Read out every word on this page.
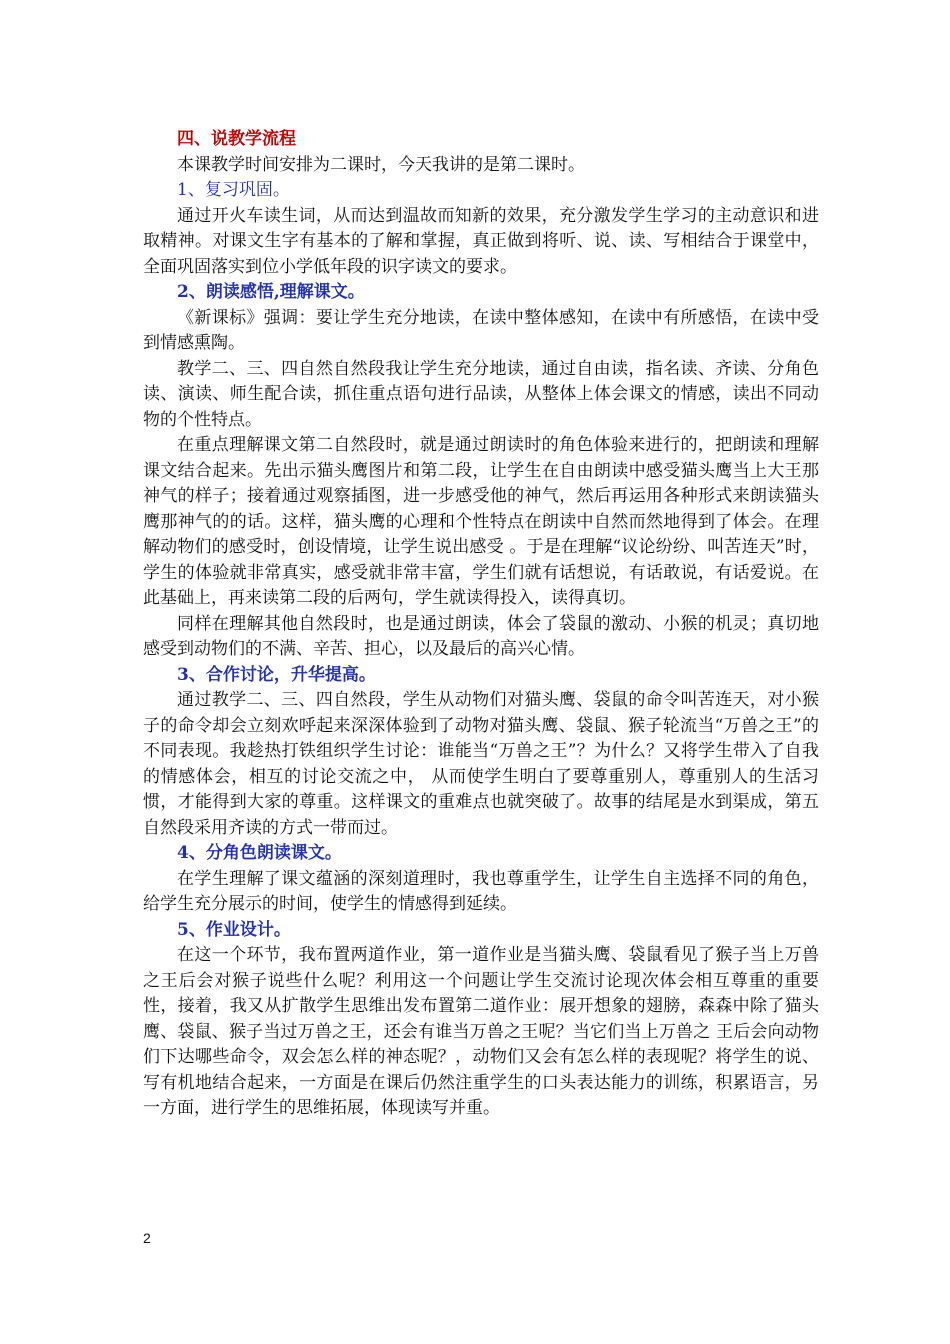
四、说教学流程

本课教学时间安排为二课时，今天我讲的是第二课时。

1、复习巩固。

通过开火车读生词，从而达到温故而知新的效果，充分激发学生学习的主动意识和进取精神。对课文生字有基本的了解和掌握，真正做到将听、说、读、写相结合于课堂中，全面巩固落实到位小学低年段的识字读文的要求。

2、朗读感悟,理解课文。

《新课标》强调：要让学生充分地读，在读中整体感知，在读中有所感悟，在读中受到情感熏陶。

教学二、三、四自然自然段我让学生充分地读，通过自由读，指名读、齐读、分角色读、演读、师生配合读，抓住重点语句进行品读，从整体上体会课文的情感，读出不同动物的个性特点。

在重点理解课文第二自然段时，就是通过朗读时的角色体验来进行的，把朗读和理解课文结合起来。先出示猫头鹰图片和第二段，让学生在自由朗读中感受猫头鹰当上大王那神气的样子；接着通过观察插图，进一步感受他的神气，然后再运用各种形式来朗读猫头鹰那神气的的话。这样，猫头鹰的心理和个性特点在朗读中自然而然地得到了体会。在理解动物们的感受时，创设情境，让学生说出感受 。于是在理解“议论纷纷、叫苦连天”时，学生的体验就非常真实，感受就非常丰富，学生们就有话想说，有话敢说，有话爱说。在此基础上，再来读第二段的后两句，学生就读得投入，读得真切。

同样在理解其他自然段时，也是通过朗读，体会了袋鼠的激动、小猴的机灵；真切地感受到动物们的不满、辛苦、担心，以及最后的高兴心情。

3、合作讨论，升华提高。

通过教学二、三、四自然段，学生从动物们对猫头鹰、袋鼠的命令叫苦连天，对小猴子的命令却会立刻欢呼起来深深体验到了动物对猫头鹰、袋鼠、猴子轮流当“万兽之王”的不同表现。我趁热打铁组织学生讨论：谁能当“万兽之王”？为什么？又将学生带入了自我的情感体会，相互的讨论交流之中， 从而使学生明白了要尊重别人，尊重别人的生活习惯，才能得到大家的尊重。这样课文的重难点也就突破了。故事的结尾是水到渠成，第五自然段采用齐读的方式一带而过。

4、分角色朗读课文。

在学生理解了课文蕴涵的深刻道理时，我也尊重学生，让学生自主选择不同的角色，给学生充分展示的时间，使学生的情感得到延续。

5、作业设计。

在这一个环节，我布置两道作业，第一道作业是当猫头鹰、袋鼠看见了猴子当上万兽之王后会对猴子说些什么呢？利用这一个问题让学生交流讨论现次体会相互尊重的重要性，接着，我又从扩散学生思维出发布置第二道作业：展开想象的翅膀，森森中除了猫头鹰、袋鼠、猴子当过万兽之王，还会有谁当万兽之王呢？当它们当上万兽之 王后会向动物们下达哪些命令，双会怎么样的神态呢？，动物们又会有怎么样的表现呢？将学生的说、写有机地结合起来，一方面是在课后仍然注重学生的口头表达能力的训练，积累语言，另一方面，进行学生的思维拓展，体现读写并重。

2
